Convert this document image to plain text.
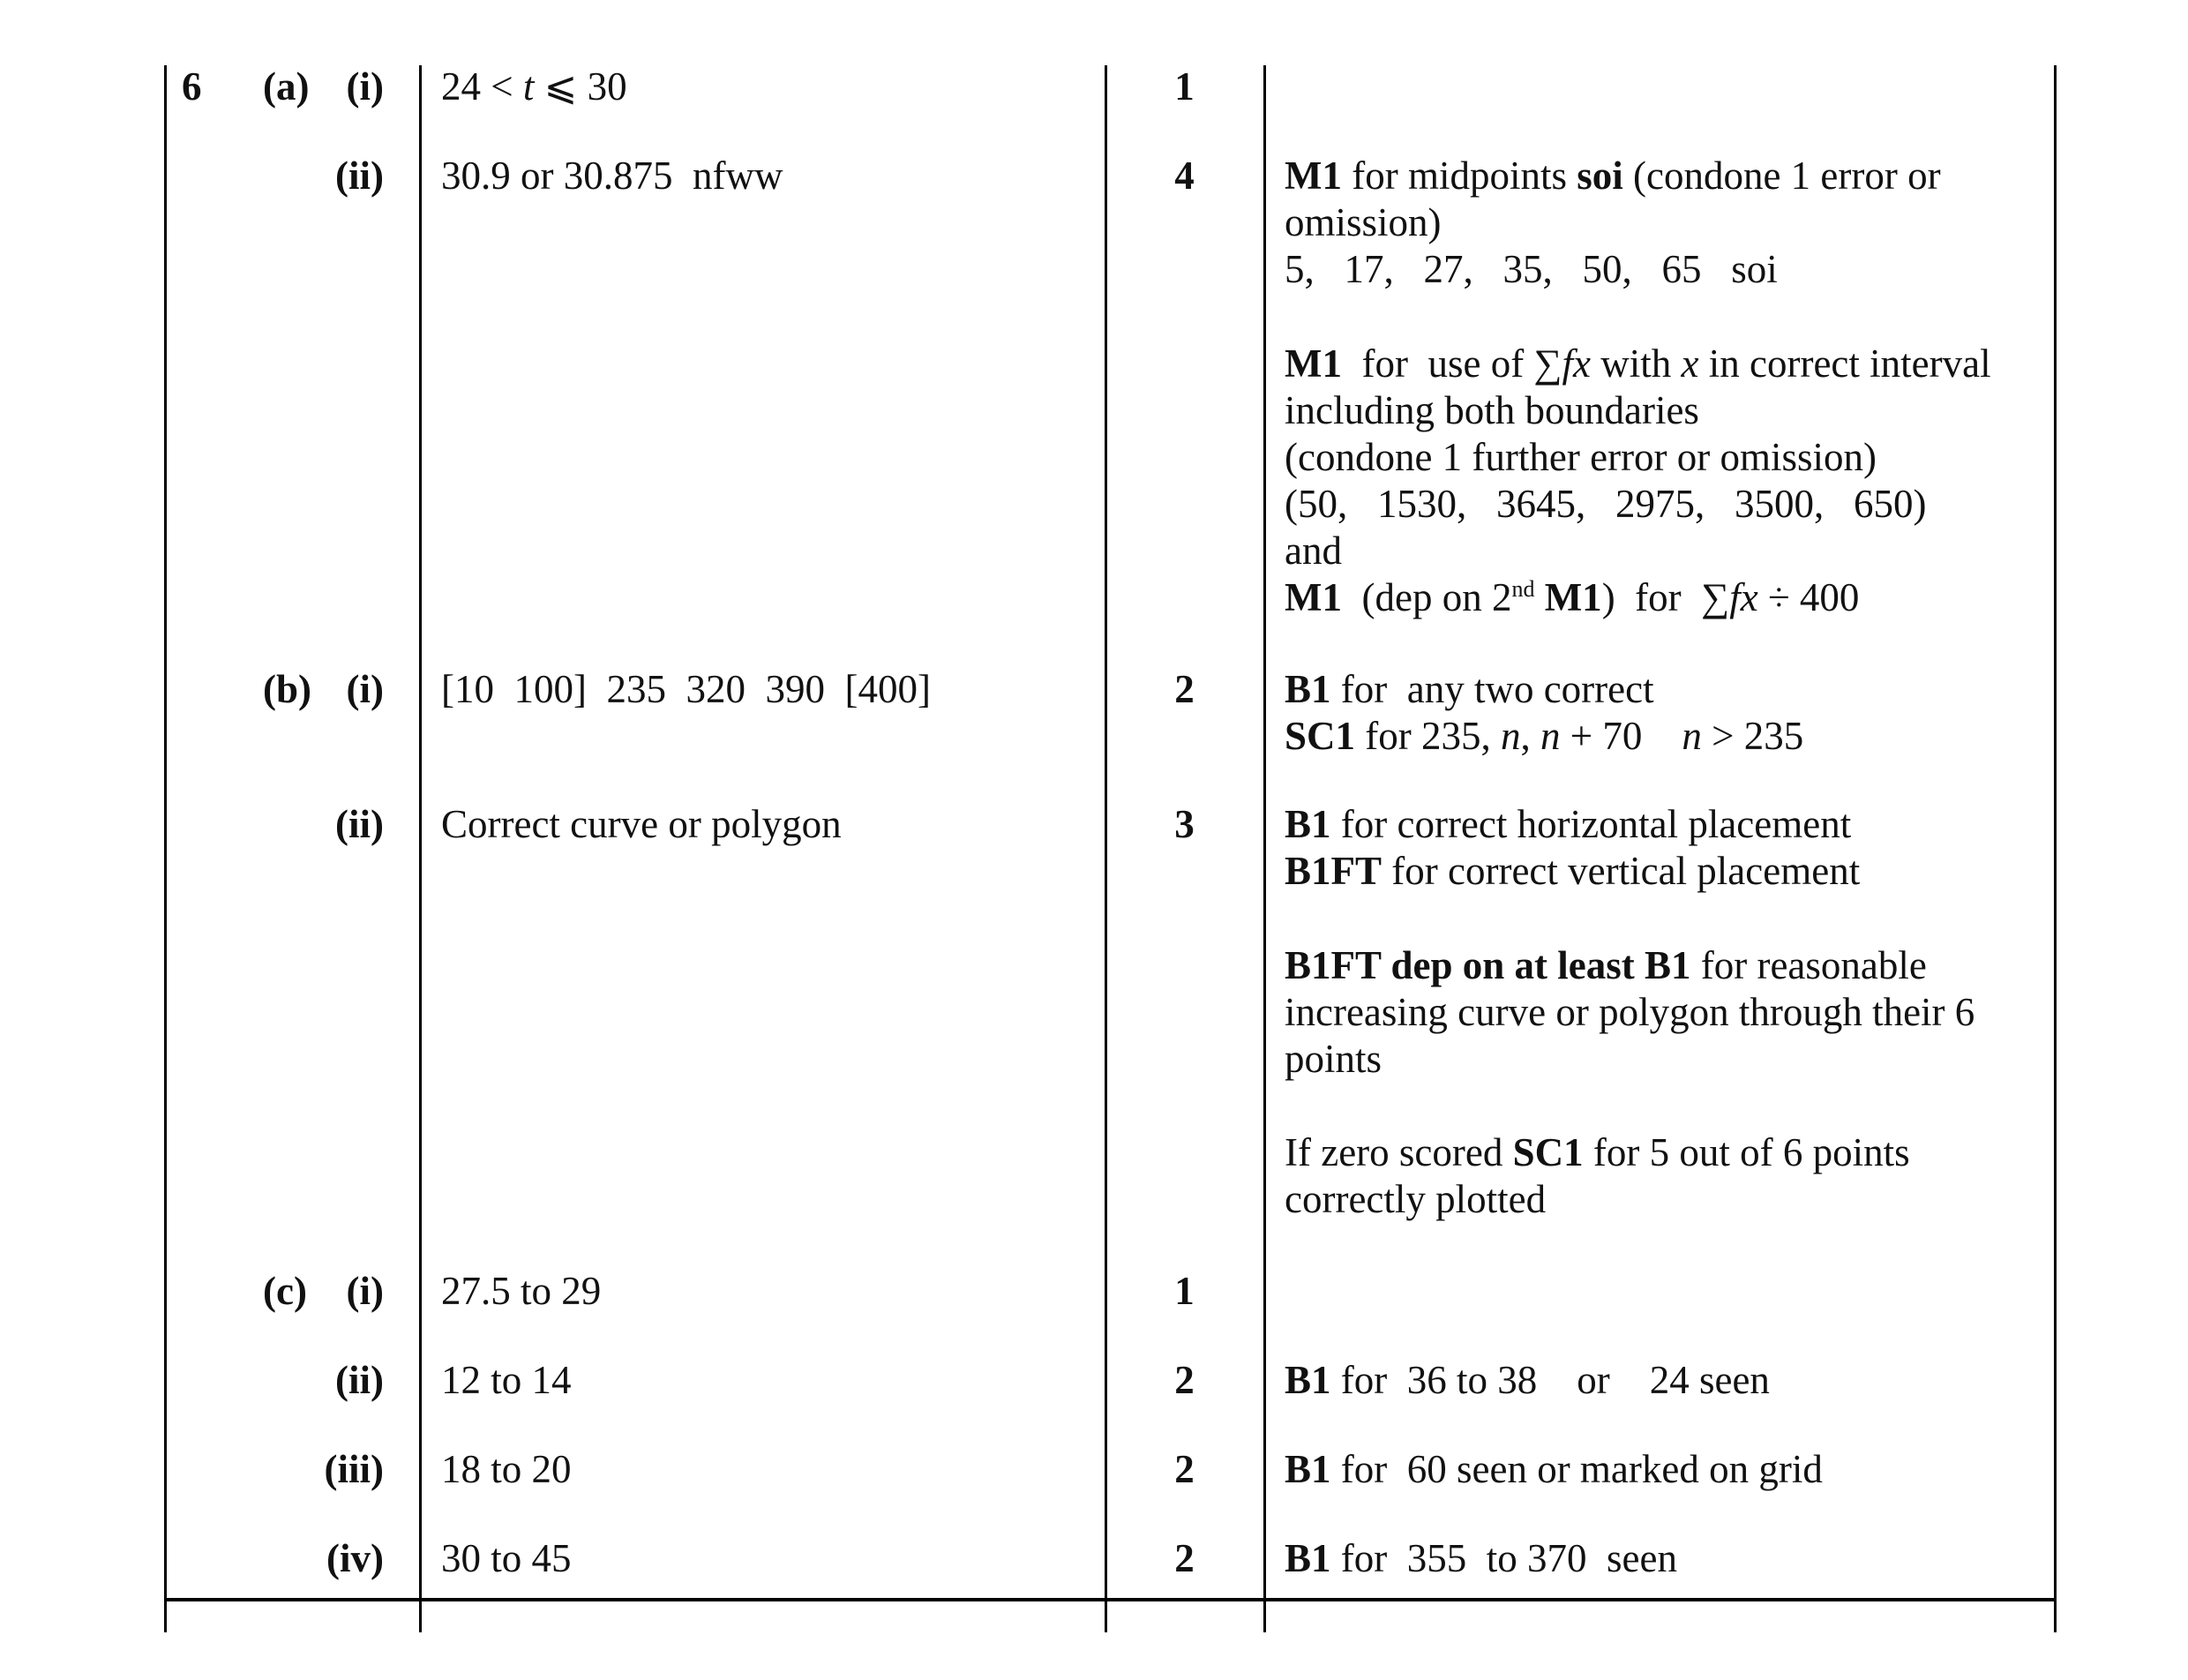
6 (a)
(b)
(c)
(i)
(ii)
(i)
(ii)
(i)
(ii)
(iii)
(iv)
24 < t ⩽ 30
30.9 or 30.875  nfww
[10  100]  235  320  390  [400]
Correct curve or polygon
27.5 to 29
12 to 14
18 to 20
30 to 45
1
4
2
3
1
2
2
2
M1 for midpoints soi (condone 1 error or
omission)
5,   17,   27,   35,   50,   65   soi
M1  for  use of ∑fx with x in correct interval
including both boundaries
(condone 1 further error or omission)
(50,   1530,   3645,   2975,   3500,   650)
and
M1  (dep on 2nd M1)  for  ∑fx ÷ 400
B1 for  any two correct
SC1 for 235, n, n + 70    n > 235
B1 for correct horizontal placement
B1FT for correct vertical placement
B1FT dep on at least B1 for reasonable
increasing curve or polygon through their 6
points
If zero scored SC1 for 5 out of 6 points
correctly plotted
B1 for  36 to 38    or    24 seen
B1 for  60 seen or marked on grid
B1 for  355  to 370  seen
